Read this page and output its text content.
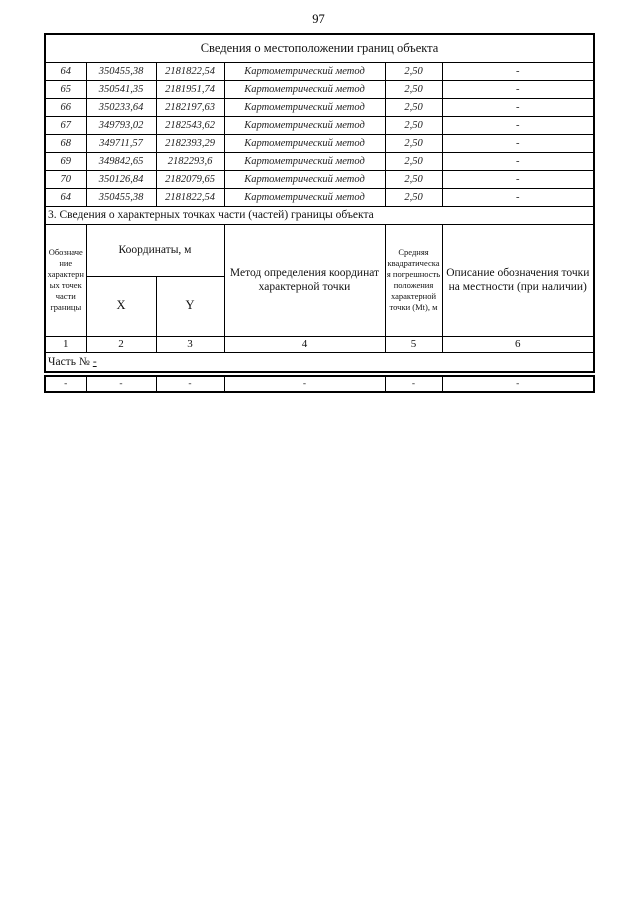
97
Сведения о местоположении границ объекта					
64	350455,38	2181822,54	Картометрический метод	2,50	-
65	350541,35	2181951,74	Картометрический метод	2,50	-
66	350233,64	2182197,63	Картометрический метод	2,50	-
67	349793,02	2182543,62	Картометрический метод	2,50	-
68	349711,57	2182393,29	Картометрический метод	2,50	-
69	349842,65	2182293,6	Картометрический метод	2,50	-
70	350126,84	2182079,65	Картометрический метод	2,50	-
64	350455,38	2181822,54	Картометрический метод	2,50	-
3. Сведения о характерных точках части (частей) границы объекта					
Обозначение характерных точек части границы	Координаты, м		Метод определения координат характерной точки	Средняя квадратическая погрешность положения характерной точки (Mt), м	Описание обозначения точки на местности (при наличии)
	X	Y			
1	2	3	4	5	6
Часть № -					
-	-	-	-	-	-
